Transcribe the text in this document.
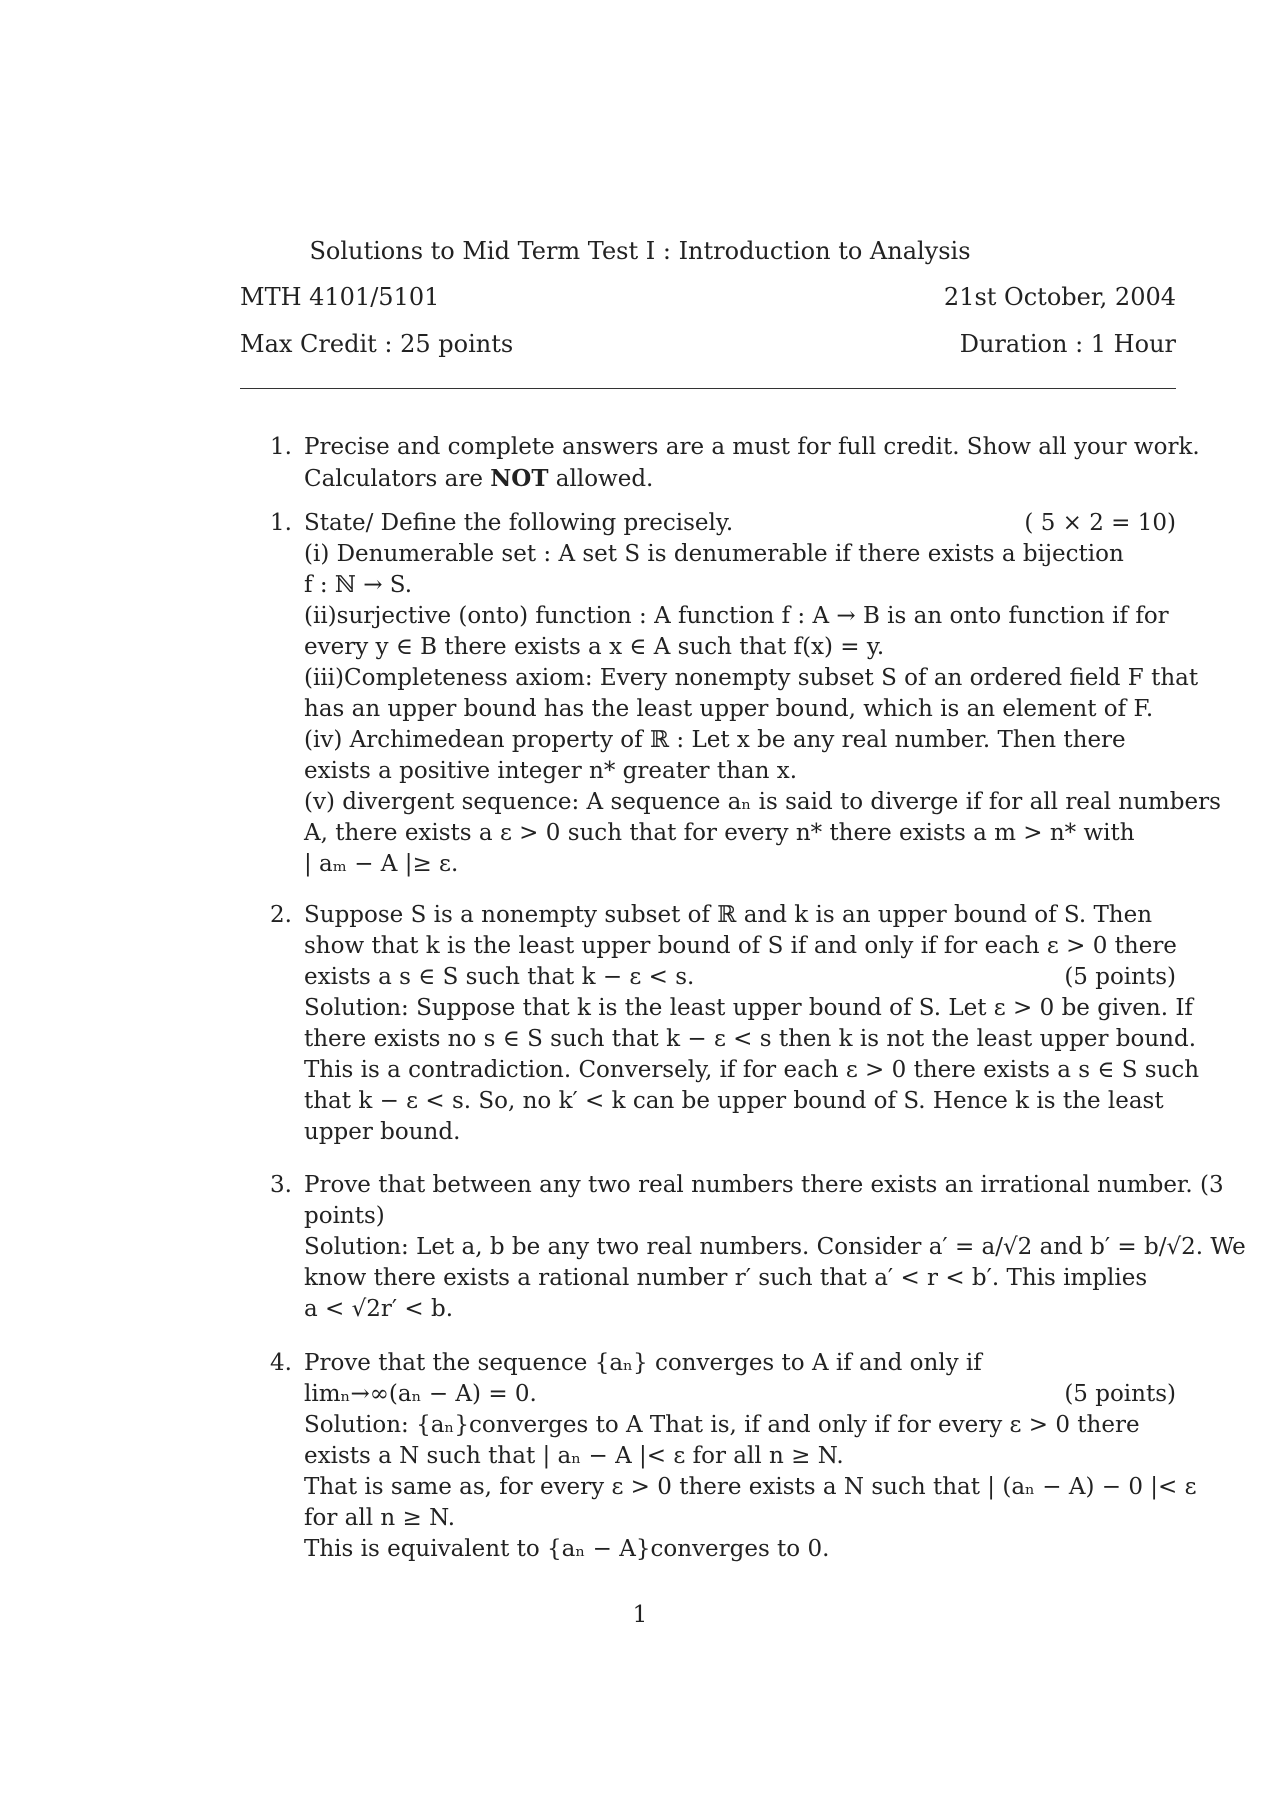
Solutions to Mid Term Test I : Introduction to Analysis
MTH 4101/5101	21st October, 2004
Max Credit : 25 points	Duration : 1 Hour
1. Precise and complete answers are a must for full credit. Show all your work.
Calculators are NOT allowed.
1. State/ Define the following precisely.	( 5 × 2 = 10)
(i) Denumerable set : A set S is denumerable if there exists a bijection
f : ℕ → S.
(ii)surjective (onto) function : A function f : A → B is an onto function if for
every y ∈ B there exists a x ∈ A such that f(x) = y.
(iii)Completeness axiom: Every nonempty subset S of an ordered field F that
has an upper bound has the least upper bound, which is an element of F.
(iv) Archimedean property of ℝ : Let x be any real number. Then there
exists a positive integer n* greater than x.
(v) divergent sequence: A sequence aₙ is said to diverge if for all real numbers
A, there exists a ε > 0 such that for every n* there exists a m > n* with
| aₘ − A |≥ ε.
2. Suppose S is a nonempty subset of ℝ and k is an upper bound of S. Then
show that k is the least upper bound of S if and only if for each ε > 0 there
exists a s ∈ S such that k − ε < s.	(5 points)
Solution: Suppose that k is the least upper bound of S. Let ε > 0 be given. If
there exists no s ∈ S such that k − ε < s then k is not the least upper bound.
This is a contradiction. Conversely, if for each ε > 0 there exists a s ∈ S such
that k − ε < s. So, no k′ < k can be upper bound of S. Hence k is the least
upper bound.
3. Prove that between any two real numbers there exists an irrational number. (3
points)
Solution: Let a, b be any two real numbers. Consider a′ = a/√2 and b′ = b/√2. We
know there exists a rational number r′ such that a′ < r < b′. This implies
a < √2r′ < b.
4. Prove that the sequence {aₙ} converges to A if and only if
limₙ→∞(aₙ − A) = 0.	(5 points)
Solution: {aₙ}converges to A That is, if and only if for every ε > 0 there
exists a N such that | aₙ − A |< ε for all n ≥ N.
That is same as, for every ε > 0 there exists a N such that | (aₙ − A) − 0 |< ε
for all n ≥ N.
This is equivalent to {aₙ − A}converges to 0.
1
